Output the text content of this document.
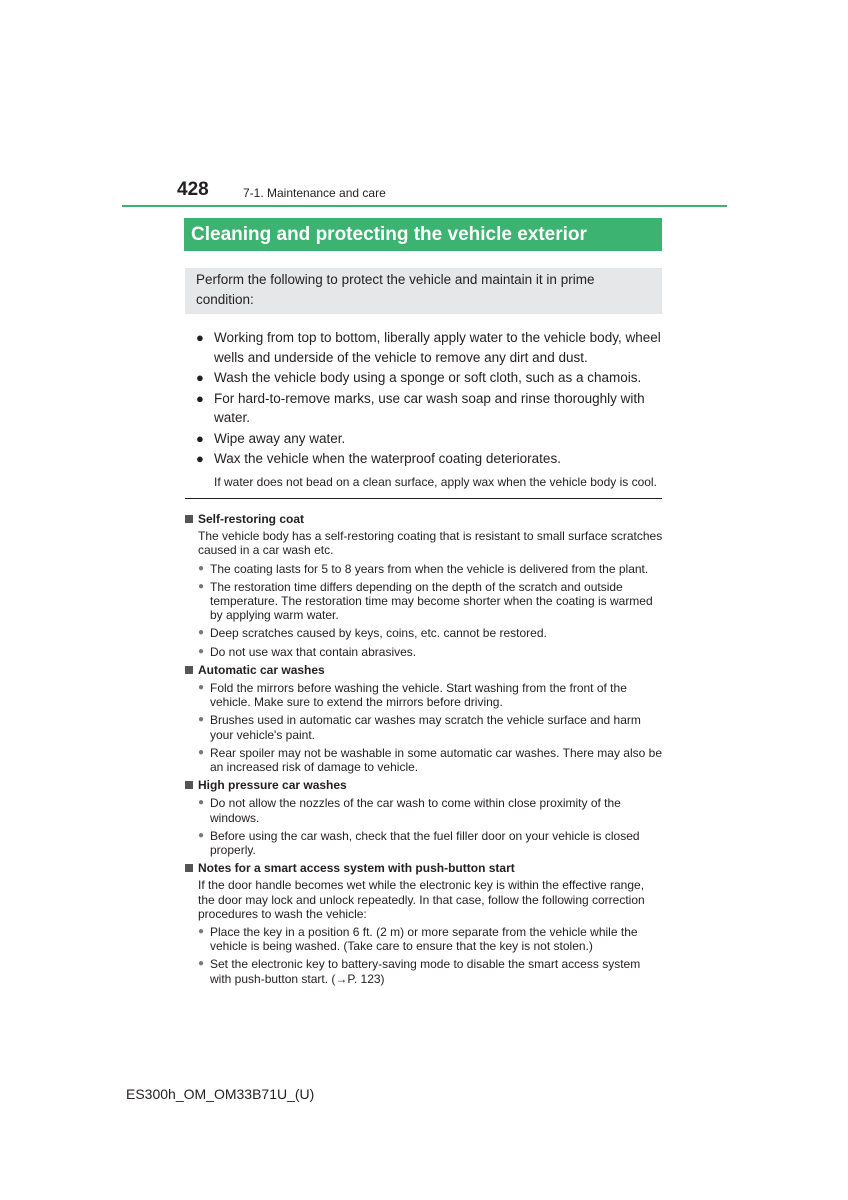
428	7-1. Maintenance and care
Cleaning and protecting the vehicle exterior
Perform the following to protect the vehicle and maintain it in prime condition:
● Working from top to bottom, liberally apply water to the vehicle body, wheel wells and underside of the vehicle to remove any dirt and dust.
● Wash the vehicle body using a sponge or soft cloth, such as a chamois.
● For hard-to-remove marks, use car wash soap and rinse thoroughly with water.
● Wipe away any water.
● Wax the vehicle when the waterproof coating deteriorates.
If water does not bead on a clean surface, apply wax when the vehicle body is cool.
Self-restoring coat
The vehicle body has a self-restoring coating that is resistant to small surface scratches caused in a car wash etc.
● The coating lasts for 5 to 8 years from when the vehicle is delivered from the plant.
● The restoration time differs depending on the depth of the scratch and outside temperature. The restoration time may become shorter when the coating is warmed by applying warm water.
● Deep scratches caused by keys, coins, etc. cannot be restored.
● Do not use wax that contain abrasives.
Automatic car washes
● Fold the mirrors before washing the vehicle. Start washing from the front of the vehicle. Make sure to extend the mirrors before driving.
● Brushes used in automatic car washes may scratch the vehicle surface and harm your vehicle's paint.
● Rear spoiler may not be washable in some automatic car washes. There may also be an increased risk of damage to vehicle.
High pressure car washes
● Do not allow the nozzles of the car wash to come within close proximity of the windows.
● Before using the car wash, check that the fuel filler door on your vehicle is closed properly.
Notes for a smart access system with push-button start
If the door handle becomes wet while the electronic key is within the effective range, the door may lock and unlock repeatedly. In that case, follow the following correction procedures to wash the vehicle:
● Place the key in a position 6 ft. (2 m) or more separate from the vehicle while the vehicle is being washed. (Take care to ensure that the key is not stolen.)
● Set the electronic key to battery-saving mode to disable the smart access system with push-button start. (→P. 123)
ES300h_OM_OM33B71U_(U)
